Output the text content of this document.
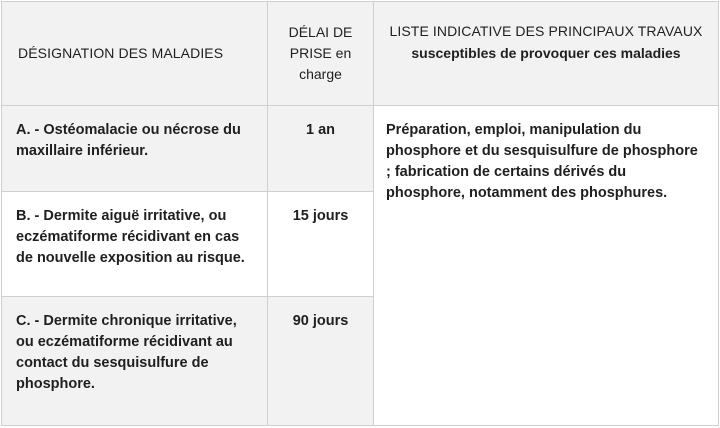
DÉSIGNATION DES MALADIES
DÉLAI DE PRISE en charge
LISTE INDICATIVE DES PRINCIPAUX TRAVAUX
susceptibles de provoquer ces maladies
A. - Ostéomalacie ou nécrose du maxillaire inférieur.
1 an	Préparation, emploi, manipulation du phosphore et du sesquisulfure de phosphore ; fabrication de certains dérivés du phosphore, notamment des phosphures.
B. - Dermite aiguë irritative, ou eczématiforme récidivant en cas de nouvelle exposition au risque.
15 jours
C. - Dermite chronique irritative, ou eczématiforme récidivant au contact du sesquisulfure de phosphore.
90 jours
